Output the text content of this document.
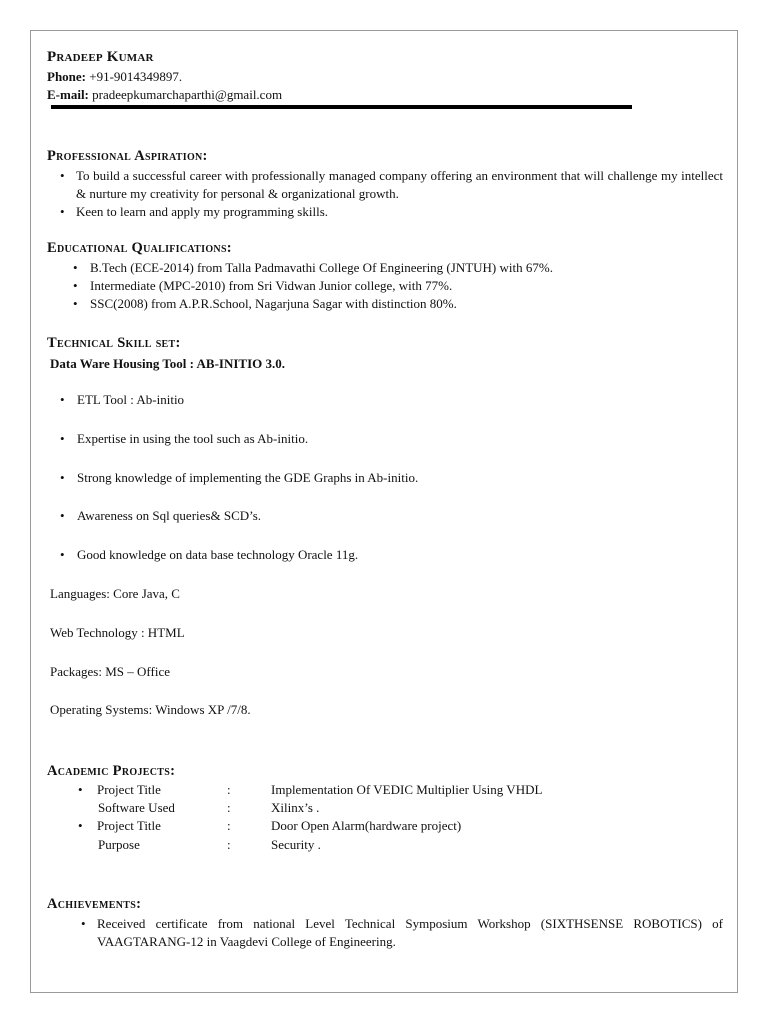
Pradeep Kumar
Phone: +91-9014349897.
E-mail: pradeepkumarchaparthi@gmail.com
Professional Aspiration:
• To build a successful career with professionally managed company offering an environment that will challenge my intellect & nurture my creativity for personal & organizational growth.
• Keen to learn and apply my programming skills.
Educational Qualifications:
• B.Tech (ECE-2014) from Talla Padmavathi College Of Engineering (JNTUH) with 67%.
• Intermediate (MPC-2010) from Sri Vidwan Junior college, with 77%.
• SSC(2008) from A.P.R.School, Nagarjuna Sagar with distinction 80%.
Technical Skill set:
Data Ware Housing Tool : AB-INITIO 3.0.
• ETL Tool : Ab-initio
• Expertise in using the tool such as Ab-initio.
• Strong knowledge of implementing the GDE Graphs in Ab-initio.
• Awareness on Sql queries& SCD’s.
• Good knowledge on data base technology Oracle 11g.
Languages: Core Java, C
Web Technology : HTML
Packages: MS – Office
Operating Systems: Windows XP /7/8.
Academic Projects:
• Project Title	:	Implementation Of VEDIC Multiplier Using VHDL
Software Used	:	Xilinx’s .
• Project Title	:	Door Open Alarm(hardware project)
Purpose	:	Security .
Achievements:
• Received certificate from national Level Technical Symposium Workshop (SIXTHSENSE ROBOTICS) of VAAGTARANG-12 in Vaagdevi College of Engineering.
